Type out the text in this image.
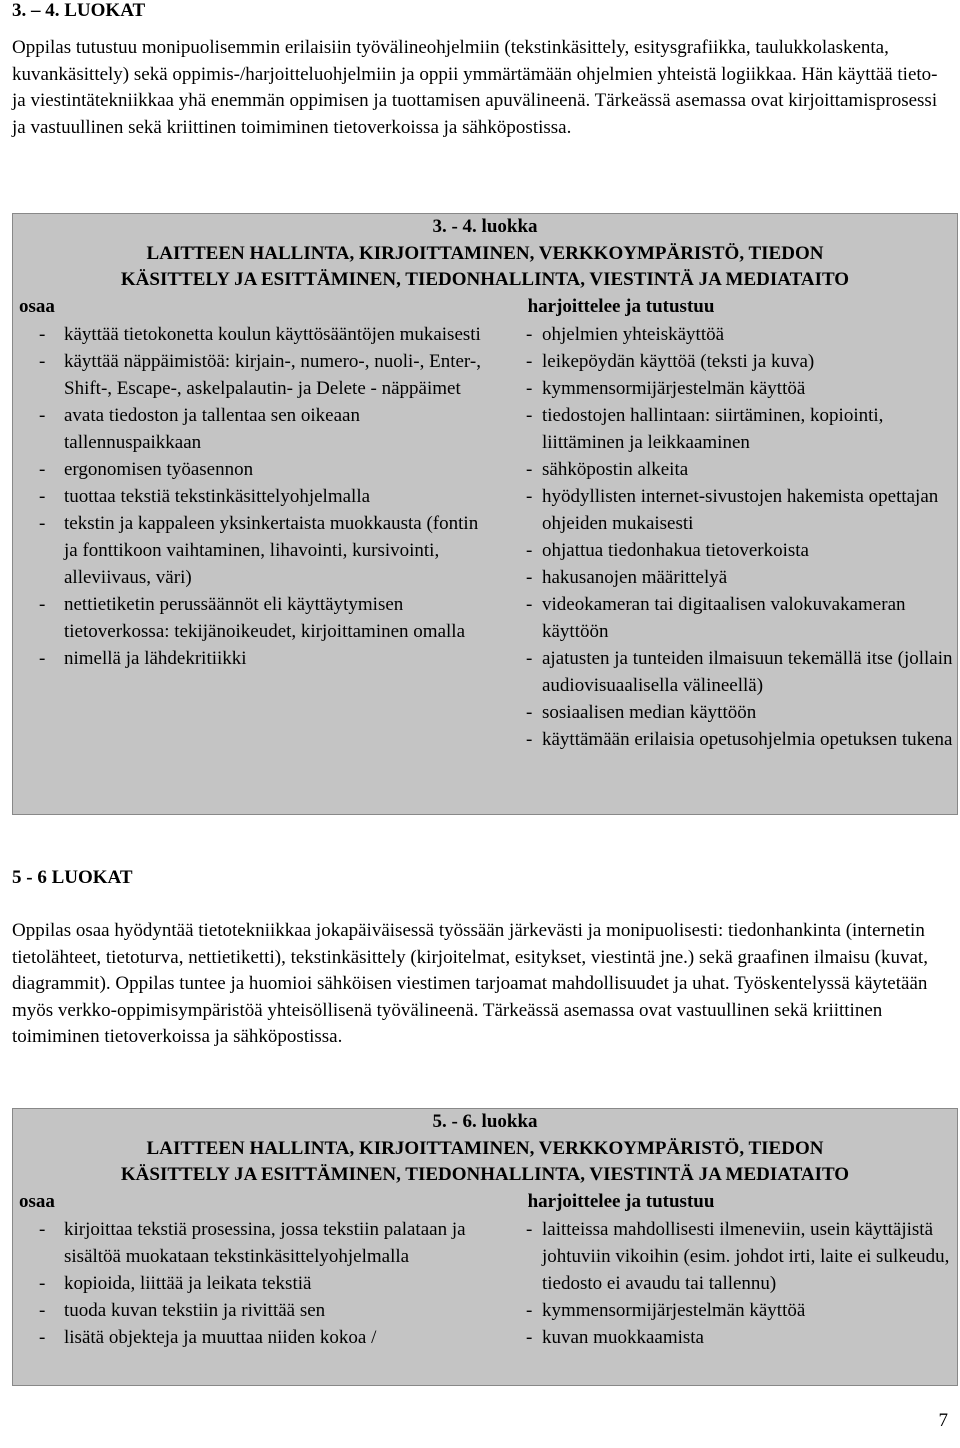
3. – 4. LUOKAT

Oppilas tutustuu monipuolisemmin erilaisiin työvälineohjelmiin (tekstinkäsittely, esitysgrafiikka, taulukkolaskenta, kuvankäsittely) sekä oppimis-/harjoitteluohjelmiin ja oppii ymmärtämään ohjelmien yhteistä logiikkaa. Hän käyttää tieto- ja viestintätekniikkaa yhä enemmän oppimisen ja tuottamisen apuvälineenä. Tärkeässä asemassa ovat kirjoittamisprosessi ja vastuullinen sekä kriittinen toimiminen tietoverkoissa ja sähköpostissa.

3. - 4. luokka
LAITTEEN HALLINTA, KIRJOITTAMINEN, VERKKOYMPÄRISTÖ, TIEDON
KÄSITTELY JA ESITTÄMINEN, TIEDONHALLINTA, VIESTINTÄ JA MEDIATAITO
osaa
- käyttää tietokonetta koulun käyttösääntöjen mukaisesti
- käyttää näppäimistöä: kirjain-, numero-, nuoli-, Enter-, Shift-, Escape-, askelpalautin- ja Delete - näppäimet
- avata tiedoston ja tallentaa sen oikeaan tallennuspaikkaan
- ergonomisen työasennon
- tuottaa tekstiä tekstinkäsittelyohjelmalla
- tekstin ja kappaleen yksinkertaista muokkausta (fontin ja fonttikoon vaihtaminen, lihavointi, kursivointi, alleviivaus, väri)
- nettietiketin perussäännöt eli käyttäytymisen tietoverkossa: tekijänoikeudet, kirjoittaminen omalla
- nimellä ja lähdekritiikki
harjoittelee ja tutustuu
- ohjelmien yhteiskäyttöä
- leikepöydän käyttöä (teksti ja kuva)
- kymmensormijärjestelmän käyttöä
- tiedostojen hallintaan: siirtäminen, kopiointi, liittäminen ja leikkaaminen
- sähköpostin alkeita
- hyödyllisten internet-sivustojen hakemista opettajan ohjeiden mukaisesti
- ohjattua tiedonhakua tietoverkoista
- hakusanojen määrittelyä
- videokameran tai digitaalisen valokuvakameran käyttöön
- ajatusten ja tunteiden ilmaisuun tekemällä itse (jollain audiovisuaalisella välineellä)
- sosiaalisen median käyttöön
- käyttämään erilaisia opetusohjelmia opetuksen tukena
5 - 6 LUOKAT

Oppilas osaa hyödyntää tietotekniikkaa jokapäiväisessä työssään järkevästi ja monipuolisesti: tiedonhankinta (internetin tietolähteet, tietoturva, nettietiketti), tekstinkäsittely (kirjoitelmat, esitykset, viestintä jne.) sekä graafinen ilmaisu (kuvat, diagrammit). Oppilas tuntee ja huomioi sähköisen viestimen tarjoamat mahdollisuudet ja uhat. Työskentelyssä käytetään myös verkko-oppimisympäristöä yhteisöllisenä työvälineenä. Tärkeässä asemassa ovat vastuullinen sekä kriittinen toimiminen tietoverkoissa ja sähköpostissa.

5. - 6. luokka
LAITTEEN HALLINTA, KIRJOITTAMINEN, VERKKOYMPÄRISTÖ, TIEDON
KÄSITTELY JA ESITTÄMINEN, TIEDONHALLINTA, VIESTINTÄ JA MEDIATAITO
osaa
- kirjoittaa tekstiä prosessina, jossa tekstiin palataan ja sisältöä muokataan tekstinkäsittelyohjelmalla
- kopioida, liittää ja leikata tekstiä
- tuoda kuvan tekstiin ja rivittää sen
- lisätä objekteja ja muuttaa niiden kokoa /
harjoittelee ja tutustuu
- laitteissa mahdollisesti ilmeneviin, usein käyttäjistä johtuviin vikoihin (esim. johdot irti, laite ei sulkeudu, tiedosto ei avaudu tai tallennu)
- kymmensormijärjestelmän käyttöä
- kuvan muokkaamista
7
